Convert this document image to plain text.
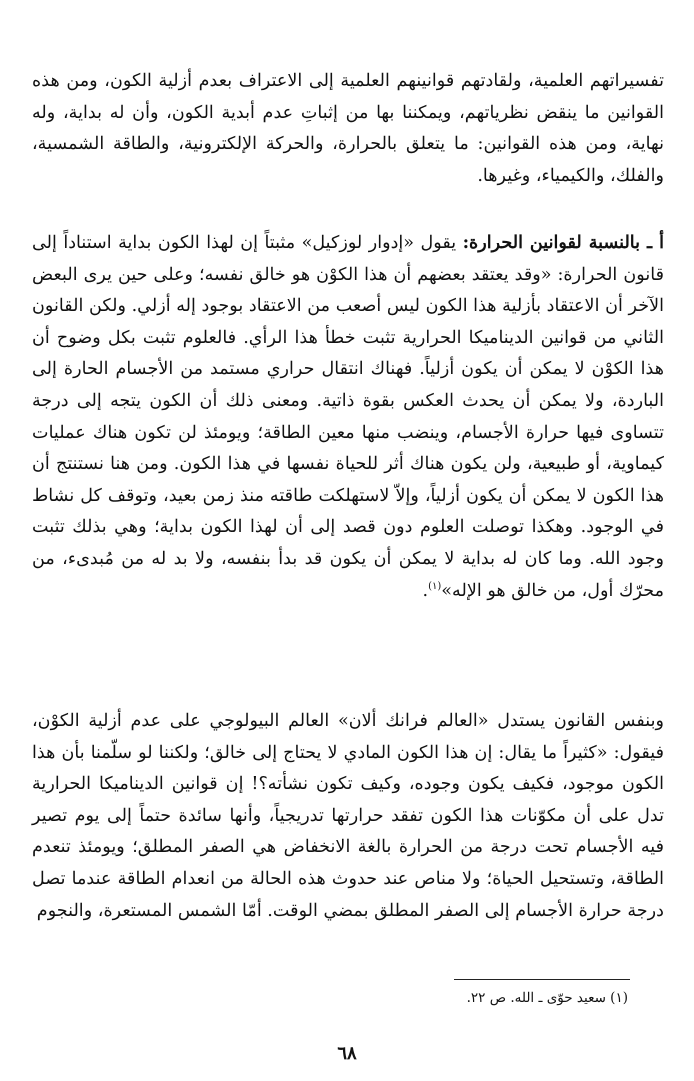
تفسيراتهم العلمية، ولقادتهم قوانينهم العلمية إلى الاعتراف بعدم أزلية الكون، ومن هذه القوانين ما ينقض نظرياتهم، ويمكننا بها من إثباتِ عدم أبدية الكون، وأن له بداية، وله نهاية، ومن هذه القوانين: ما يتعلق بالحرارة، والحركة الإلكترونية، والطاقة الشمسية، والفلك، والكيمياء، وغيرها.

أ ـ بالنسبة لقوانين الحرارة: يقول «إدوار لوزكيل» مثبتاً إن لهذا الكون بداية استناداً إلى قانون الحرارة: «وقد يعتقد بعضهم أن هذا الكوْن هو خالق نفسه؛ وعلى حين يرى البعض الآخر أن الاعتقاد بأزلية هذا الكون ليس أصعب من الاعتقاد بوجود إله أزلي. ولكن القانون الثاني من قوانين الديناميكا الحرارية تثبت خطأ هذا الرأي. فالعلوم تثبت بكل وضوح أن هذا الكوْن لا يمكن أن يكون أزلياً. فهناك انتقال حراري مستمد من الأجسام الحارة إلى الباردة، ولا يمكن أن يحدث العكس بقوة ذاتية. ومعنى ذلك أن الكون يتجه إلى درجة تتساوى فيها حرارة الأجسام، وينضب منها معين الطاقة؛ ويومئذ لن تكون هناك عمليات كيماوية، أو طبيعية، ولن يكون هناك أثر للحياة نفسها في هذا الكون. ومن هنا نستنتج أن هذا الكون لا يمكن أن يكون أزلياً، وإلاّ لاستهلكت طاقته منذ زمن بعيد، وتوقف كل نشاط في الوجود. وهكذا توصلت العلوم دون قصد إلى أن لهذا الكون بداية؛ وهي بذلك تثبت وجود الله. وما كان له بداية لا يمكن أن يكون قد بدأ بنفسه، ولا بد له من مُبدىء، من محرّك أول، من خالق هو الإله»$^{(١)}$.

وبنفس القانون يستدل «العالم فرانك ألان» العالم البيولوجي على عدم أزلية الكوْن، فيقول: «كثيراً ما يقال: إن هذا الكون المادي لا يحتاج إلى خالق؛ ولكننا لو سلّمنا بأن هذا الكون موجود، فكيف يكون وجوده، وكيف تكون نشأته؟! إن قوانين الديناميكا الحرارية تدل على أن مكوّنات هذا الكون تفقد حرارتها تدريجياً، وأنها سائدة حتماً إلى يوم تصير فيه الأجسام تحت درجة من الحرارة بالغة الانخفاض هي الصفر المطلق؛ ويومئذ تنعدم الطاقة، وتستحيل الحياة؛ ولا مناص عند حدوث هذه الحالة من انعدام الطاقة عندما تصل درجة حرارة الأجسام إلى الصفر المطلق بمضي الوقت. أمّا الشمس المستعرة، والنجوم

(١) سعيد حوّى ـ الله. ص ٢٢.
٦٨
